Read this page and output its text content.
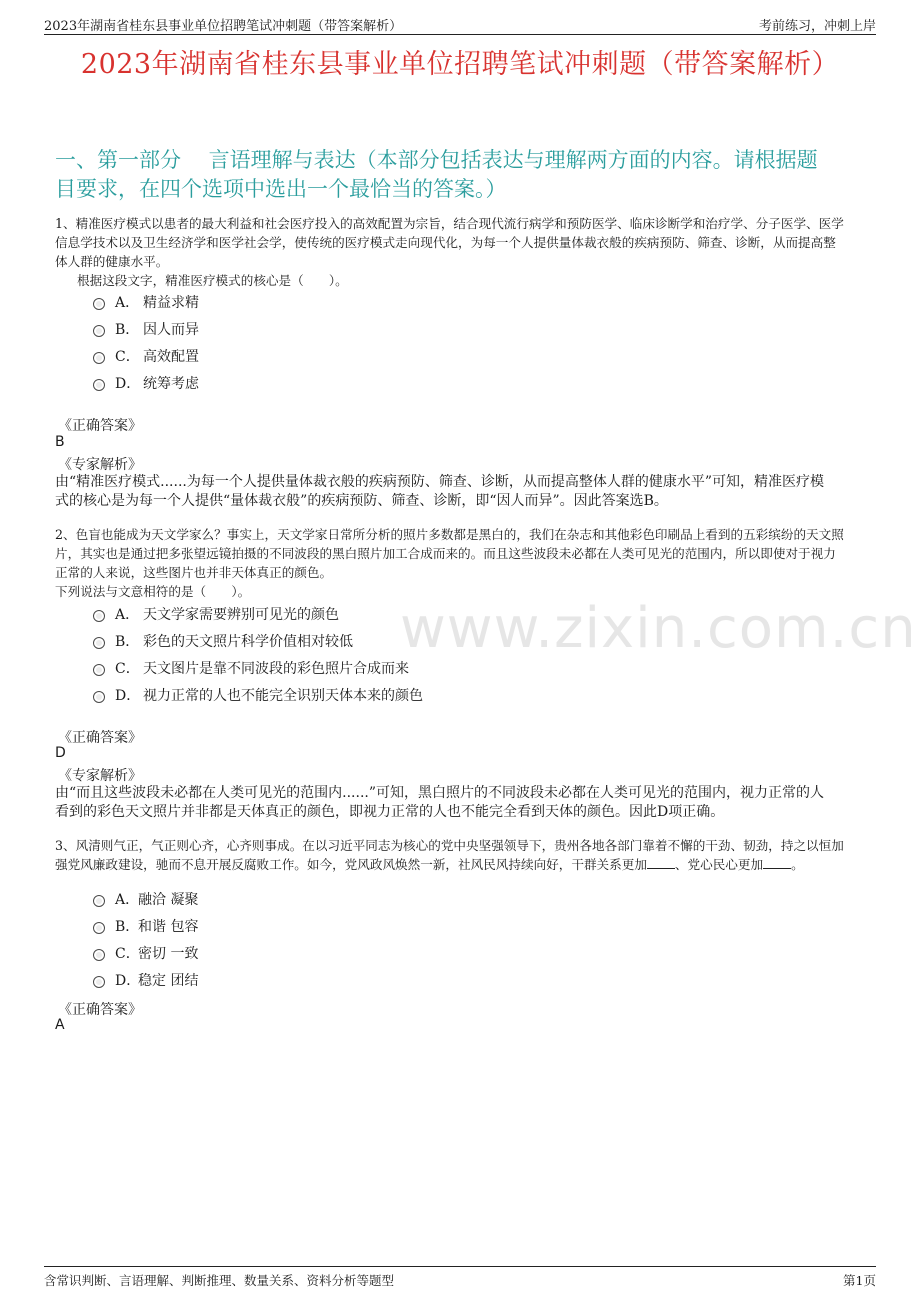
2023年湖南省桂东县事业单位招聘笔试冲刺题（带答案解析）	考前练习，冲刺上岸
2023年湖南省桂东县事业单位招聘笔试冲刺题（带答案解析）
一、第一部分　 言语理解与表达（本部分包括表达与理解两方面的内容。请根据题
目要求，在四个选项中选出一个最恰当的答案。）
www.zixin.com.cn
1、精准医疗模式以患者的最大利益和社会医疗投入的高效配置为宗旨，结合现代流行病学和预防医学、临床诊断学和治疗学、分子医学、医学
信息学技术以及卫生经济学和医学社会学，使传统的医疗模式走向现代化，为每一个人提供量体裁衣般的疾病预防、筛查、诊断，从而提高整
体人群的健康水平。
根据这段文字，精准医疗模式的核心是（　　）。
A． 精益求精
B． 因人而异
C． 高效配置
D． 统筹考虑
《正确答案》
B
《专家解析》
由“精准医疗模式......为每一个人提供量体裁衣般的疾病预防、筛查、诊断，从而提高整体人群的健康水平”可知，精准医疗模
式的核心是为每一个人提供“量体裁衣般”的疾病预防、筛查、诊断，即“因人而异”。因此答案选B。
2、色盲也能成为天文学家么？事实上，天文学家日常所分析的照片多数都是黑白的，我们在杂志和其他彩色印刷品上看到的五彩缤纷的天文照
片，其实也是通过把多张望远镜拍摄的不同波段的黑白照片加工合成而来的。而且这些波段未必都在人类可见光的范围内，所以即使对于视力
正常的人来说，这些图片也并非天体真正的颜色。
下列说法与文意相符的是（　　）。
A． 天文学家需要辨别可见光的颜色
B． 彩色的天文照片科学价值相对较低
C． 天文图片是靠不同波段的彩色照片合成而来
D． 视力正常的人也不能完全识别天体本来的颜色
《正确答案》
D
《专家解析》
由“而且这些波段未必都在人类可见光的范围内......”可知，黑白照片的不同波段未必都在人类可见光的范围内，视力正常的人
看到的彩色天文照片并非都是天体真正的颜色，即视力正常的人也不能完全看到天体的颜色。因此D项正确。
3、风清则气正，气正则心齐，心齐则事成。在以习近平同志为核心的党中央坚强领导下，贵州各地各部门靠着不懈的干劲、韧劲，持之以恒加
强党风廉政建设，驰而不息开展反腐败工作。如今，党风政风焕然一新，社风民风持续向好，干群关系更加 、党心民心更加 。
A．
融洽 凝聚
B．
和谐 包容
C．
密切 一致
D．
稳定 团结
《正确答案》
A
含常识判断、言语理解、判断推理、数量关系、资料分析等题型	第1页
